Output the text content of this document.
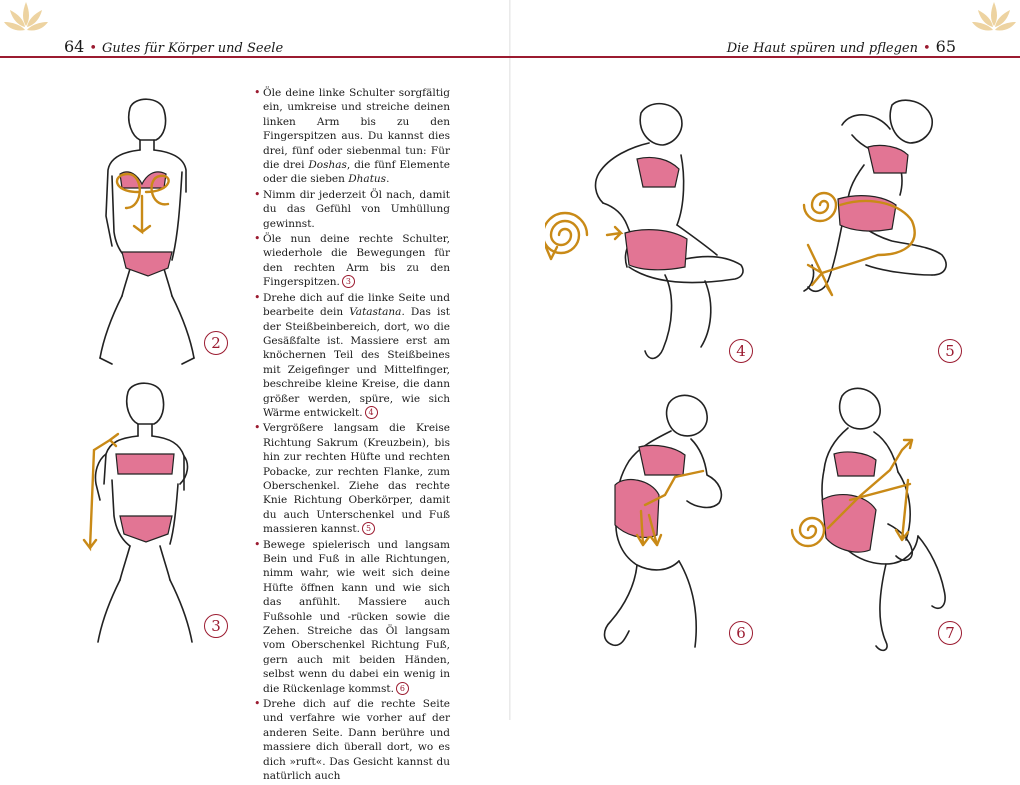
64 • Gutes für Körper und Seele	Die Haut spüren und pflegen • 65

• Öle deine linke Schulter sorgfältig ein, umkreise und streiche deinen linken Arm bis zu den Fingerspitzen aus. Du kannst dies drei, fünf oder siebenmal tun: Für die drei Doshas, die fünf Elemente oder die sieben Dhatus.

• Nimm dir jederzeit Öl nach, damit du das Gefühl von Umhüllung gewinnst.

• Öle nun deine rechte Schulter, wiederhole die Bewegungen für den rechten Arm bis zu den Fingerspitzen. 3

• Drehe dich auf die linke Seite und bearbeite dein Vatastana. Das ist der Steißbeinbereich, dort, wo die Gesäßfalte ist. Massiere erst am knöchernen Teil des Steißbeines mit Zeigefinger und Mittelfinger, beschreibe kleine Kreise, die dann größer werden, spüre, wie sich Wärme entwickelt. 4

• Vergrößere langsam die Kreise Richtung Sakrum (Kreuzbein), bis hin zur rechten Hüfte und rechten Pobacke, zur rechten Flanke, zum Oberschenkel. Ziehe das rechte Knie Richtung Oberkörper, damit du auch Unterschenkel und Fuß massieren kannst. 5

• Bewege spielerisch und langsam Bein und Fuß in alle Richtungen, nimm wahr, wie weit sich deine Hüfte öffnen kann und wie sich das anfühlt. Massiere auch Fußsohle und -rücken sowie die Zehen. Streiche das Öl langsam vom Oberschenkel Richtung Fuß, gern auch mit beiden Händen, selbst wenn du dabei ein wenig in die Rückenlage kommst. 6

• Drehe dich auf die rechte Seite und verfahre wie vorher auf der anderen Seite. Dann berühre und massiere dich überall dort, wo es dich »ruft«. Das Gesicht kannst du natürlich auch

2
3
4	5
6	7
